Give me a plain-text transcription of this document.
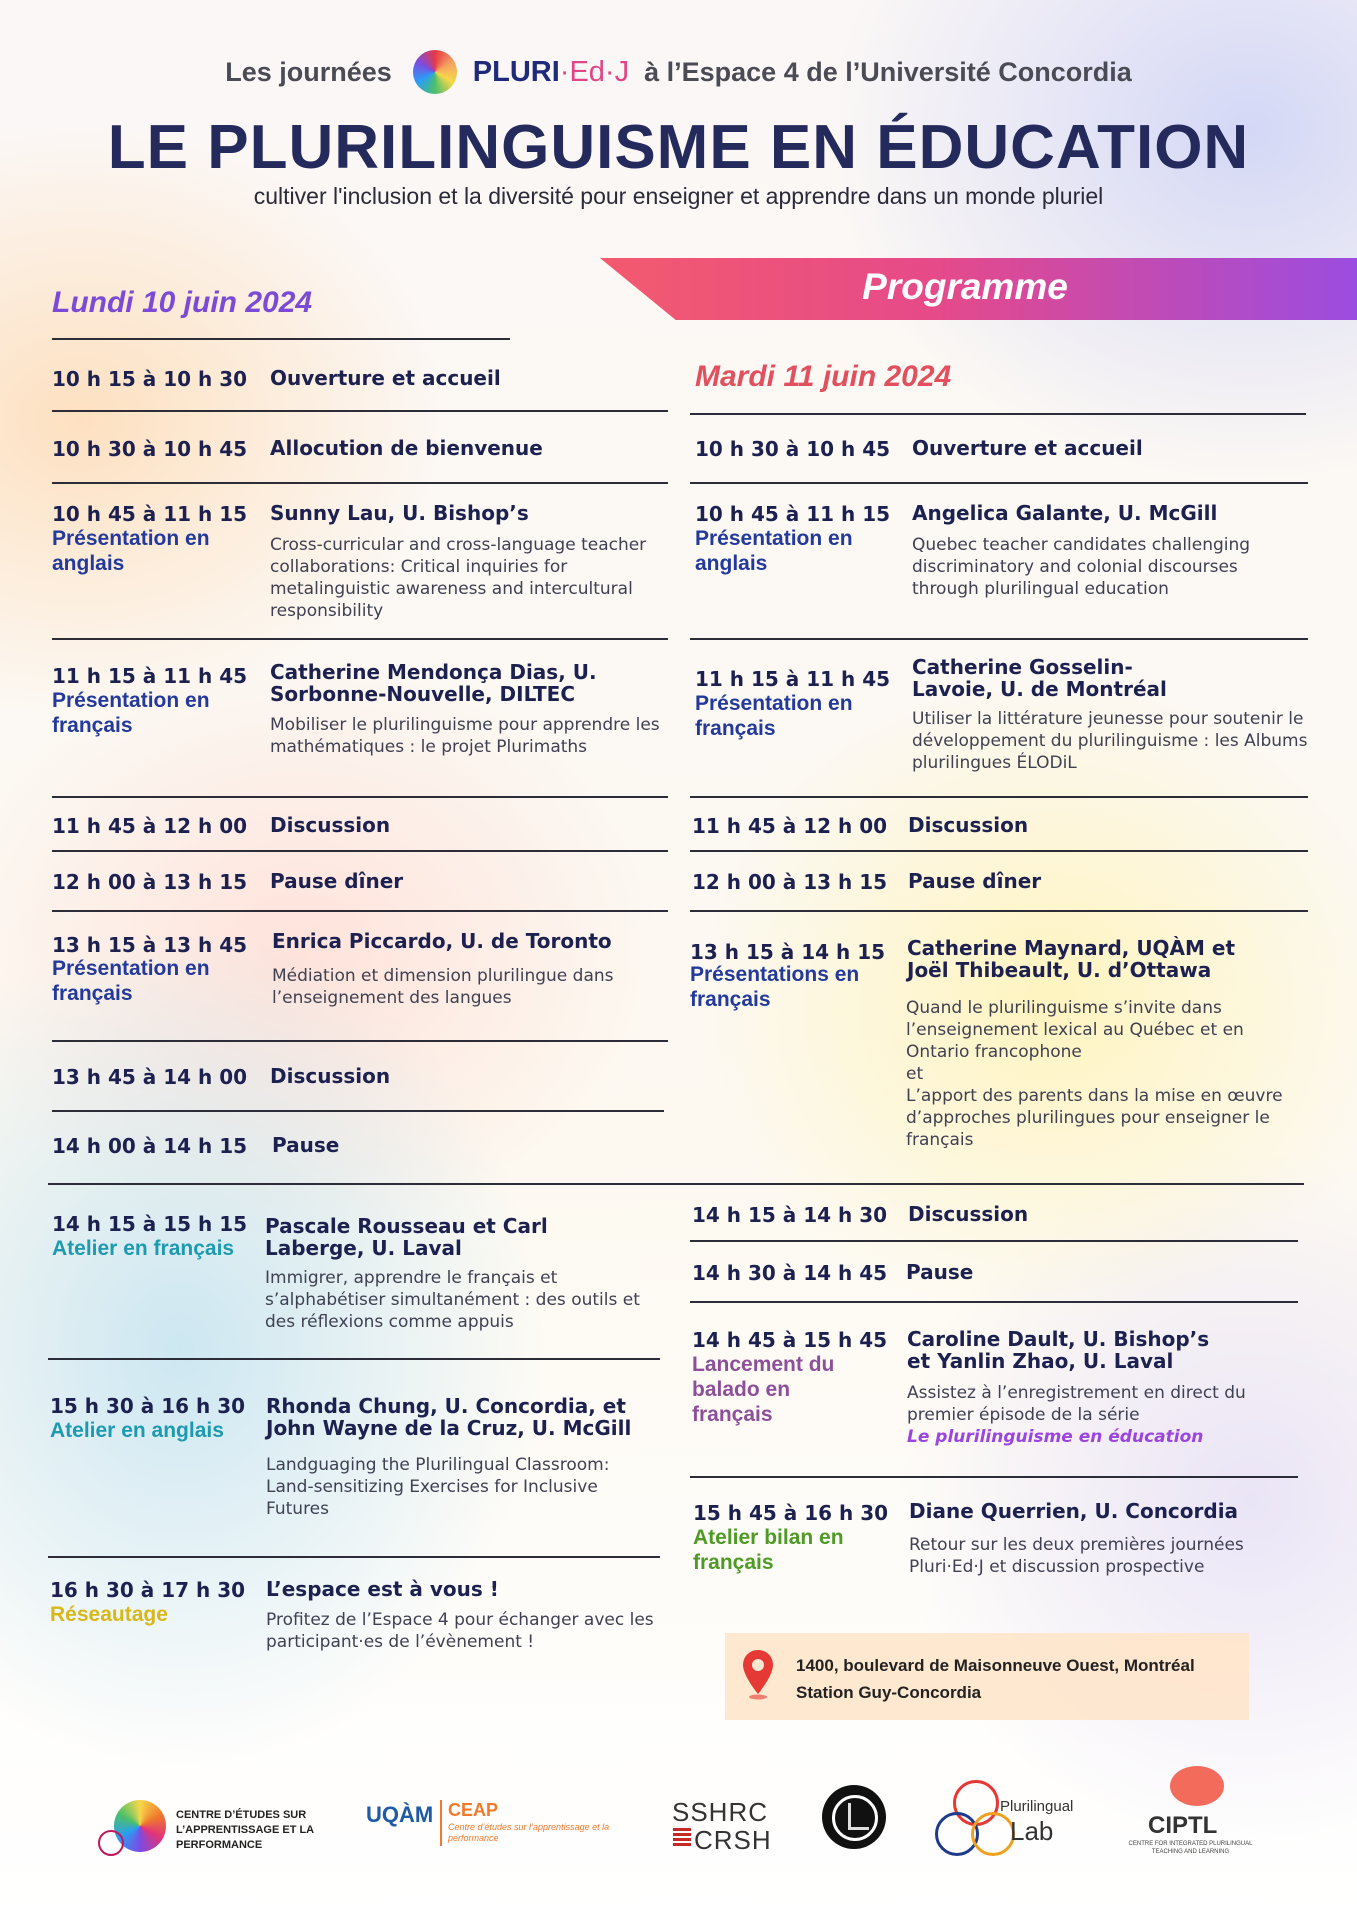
Les journées	PLURI·Ed·J à l’Espace 4 de l’Université Concordia
LE PLURILINGUISME EN ÉDUCATION
cultiver l'inclusion et la diversité pour enseigner et apprendre dans un monde pluriel
Programme
Lundi 10 juin 2024
10 h 15 à 10 h 30 Ouverture et accueil
10 h 30 à 10 h 45 Allocution de bienvenue
10 h 45 à 11 h 15
Présentation en anglais
Sunny Lau, U. Bishop’s
Cross-curricular and cross-language teacher collaborations: Critical inquiries for metalinguistic awareness and intercultural responsibility
11 h 15 à 11 h 45
Présentation en français
Catherine Mendonça Dias, U. Sorbonne-Nouvelle, DILTEC
Mobiliser le plurilinguisme pour apprendre les mathématiques : le projet Plurimaths
11 h 45 à 12 h 00 Discussion
12 h 00 à 13 h 15 Pause dîner
13 h 15 à 13 h 45
Présentation en français
Enrica Piccardo, U. de Toronto
Médiation et dimension plurilingue dans l’enseignement des langues
13 h 45 à 14 h 00 Discussion
14 h 00 à 14 h 15 Pause
14 h 15 à 15 h 15
Atelier en français
Pascale Rousseau et Carl Laberge, U. Laval
Immigrer, apprendre le français et s’alphabétiser simultanément : des outils et des réflexions comme appuis
15 h 30 à 16 h 30
Atelier en anglais
Rhonda Chung, U. Concordia, et John Wayne de la Cruz, U. McGill
Landguaging the Plurilingual Classroom: Land-sensitizing Exercises for Inclusive Futures
16 h 30 à 17 h 30
Réseautage
L’espace est à vous !
Profitez de l’Espace 4 pour échanger avec les participant·es de l’évènement !
Mardi 11 juin 2024
10 h 30 à 10 h 45 Ouverture et accueil
10 h 45 à 11 h 15
Présentation en anglais
Angelica Galante, U. McGill
Quebec teacher candidates challenging discriminatory and colonial discourses through plurilingual education
11 h 15 à 11 h 45
Présentation en français
Catherine Gosselin-Lavoie, U. de Montréal
Utiliser la littérature jeunesse pour soutenir le développement du plurilinguisme : les Albums plurilingues ÉLODiL
11 h 45 à 12 h 00 Discussion
12 h 00 à 13 h 15 Pause dîner
13 h 15 à 14 h 15
Présentations en français
Catherine Maynard, UQÀM et Joël Thibeault, U. d’Ottawa
Quand le plurilinguisme s’invite dans l’enseignement lexical au Québec et en Ontario francophone
et
L’apport des parents dans la mise en œuvre d’approches plurilingues pour enseigner le français
14 h 15 à 14 h 30 Discussion
14 h 30 à 14 h 45 Pause
14 h 45 à 15 h 45
Lancement du balado en français
Caroline Dault, U. Bishop’s et Yanlin Zhao, U. Laval
Assistez à l’enregistrement en direct du premier épisode de la série
Le plurilinguisme en éducation
15 h 45 à 16 h 30
Atelier bilan en français
Diane Querrien, U. Concordia
Retour sur les deux premières journées Pluri·Ed·J et discussion prospective
1400, boulevard de Maisonneuve Ouest, Montréal
Station Guy-Concordia
CENTRE D’ÉTUDES SUR L’APPRENTISSAGE ET LA PERFORMANCE
UQÀM CEAP
Centre d’études sur l’apprentissage et la performance
SSHRC
CRSH
Plurilingual
Lab	CIPTL
CENTRE FOR INTEGRATED PLURILINGUAL TEACHING AND LEARNING
